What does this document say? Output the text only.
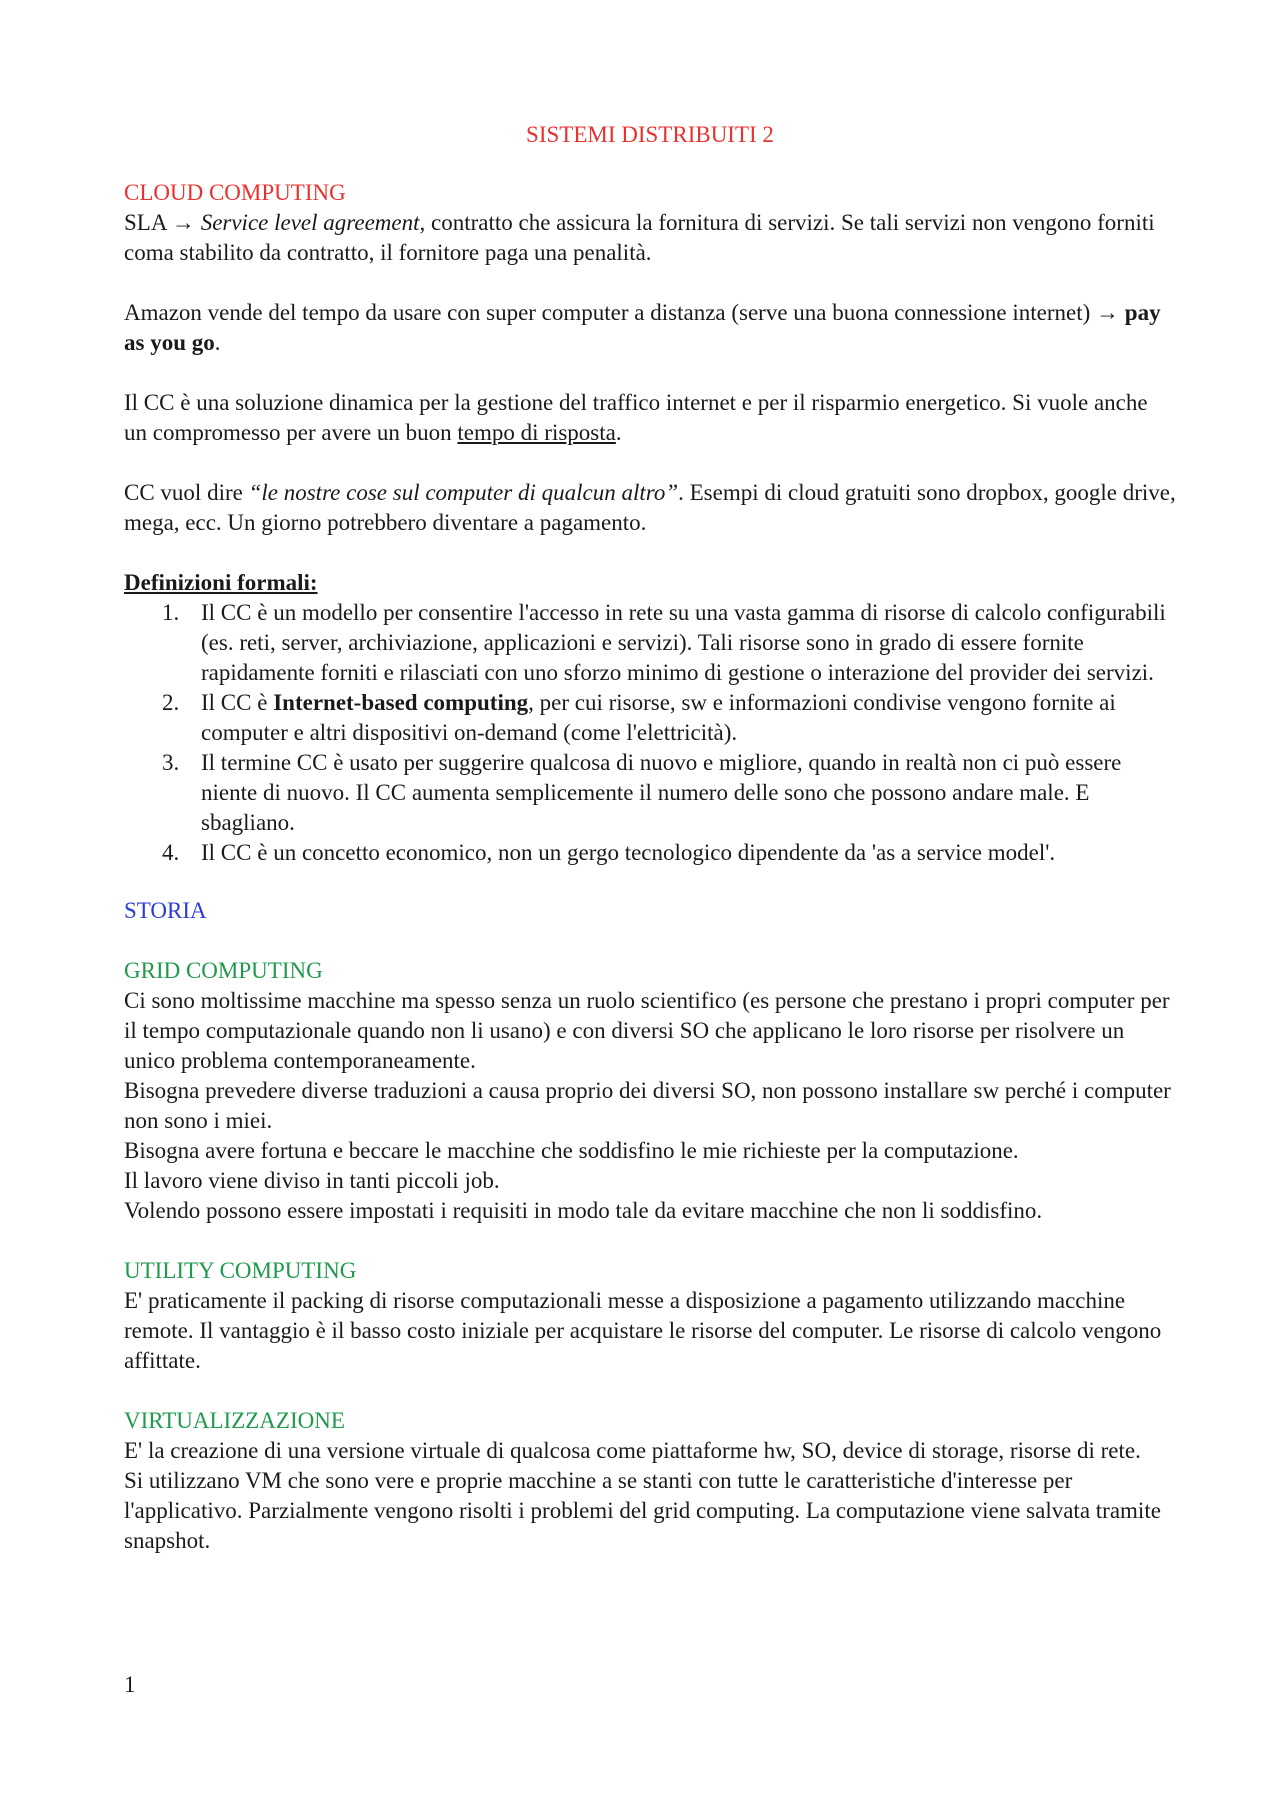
SISTEMI DISTRIBUITI 2

CLOUD COMPUTING

SLA → Service level agreement, contratto che assicura la fornitura di servizi. Se tali servizi non vengono forniti coma stabilito da contratto, il fornitore paga una penalità.

Amazon vende del tempo da usare con super computer a distanza (serve una buona connessione internet) → pay as you go.

Il CC è una soluzione dinamica per la gestione del traffico internet e per il risparmio energetico. Si vuole anche un compromesso per avere un buon tempo di risposta.

CC vuol dire “le nostre cose sul computer di qualcun altro”. Esempi di cloud gratuiti sono dropbox, google drive, mega, ecc. Un giorno potrebbero diventare a pagamento.

Definizioni formali:

1. Il CC è un modello per consentire l'accesso in rete su una vasta gamma di risorse di calcolo configurabili (es. reti, server, archiviazione, applicazioni e servizi). Tali risorse sono in grado di essere fornite rapidamente forniti e rilasciati con uno sforzo minimo di gestione o interazione del provider dei servizi.
2. Il CC è Internet-based computing, per cui risorse, sw e informazioni condivise vengono fornite ai computer e altri dispositivi on-demand (come l'elettricità).
3. Il termine CC è usato per suggerire qualcosa di nuovo e migliore, quando in realtà non ci può essere niente di nuovo. Il CC aumenta semplicemente il numero delle sono che possono andare male. E sbagliano.
4. Il CC è un concetto economico, non un gergo tecnologico dipendente da 'as a service model'.

STORIA

GRID COMPUTING

Ci sono moltissime macchine ma spesso senza un ruolo scientifico (es persone che prestano i propri computer per il tempo computazionale quando non li usano) e con diversi SO che applicano le loro risorse per risolvere un unico problema contemporaneamente.

Bisogna prevedere diverse traduzioni a causa proprio dei diversi SO, non possono installare sw perché i computer non sono i miei.

Bisogna avere fortuna e beccare le macchine che soddisfino le mie richieste per la computazione.

Il lavoro viene diviso in tanti piccoli job.

Volendo possono essere impostati i requisiti in modo tale da evitare macchine che non li soddisfino.

UTILITY COMPUTING

E' praticamente il packing di risorse computazionali messe a disposizione a pagamento utilizzando macchine remote. Il vantaggio è il basso costo iniziale per acquistare le risorse del computer. Le risorse di calcolo vengono affittate.

VIRTUALIZZAZIONE

E' la creazione di una versione virtuale di qualcosa come piattaforme hw, SO, device di storage, risorse di rete.

Si utilizzano VM che sono vere e proprie macchine a se stanti con tutte le caratteristiche d'interesse per l'applicativo. Parzialmente vengono risolti i problemi del grid computing. La computazione viene salvata tramite snapshot.

1
